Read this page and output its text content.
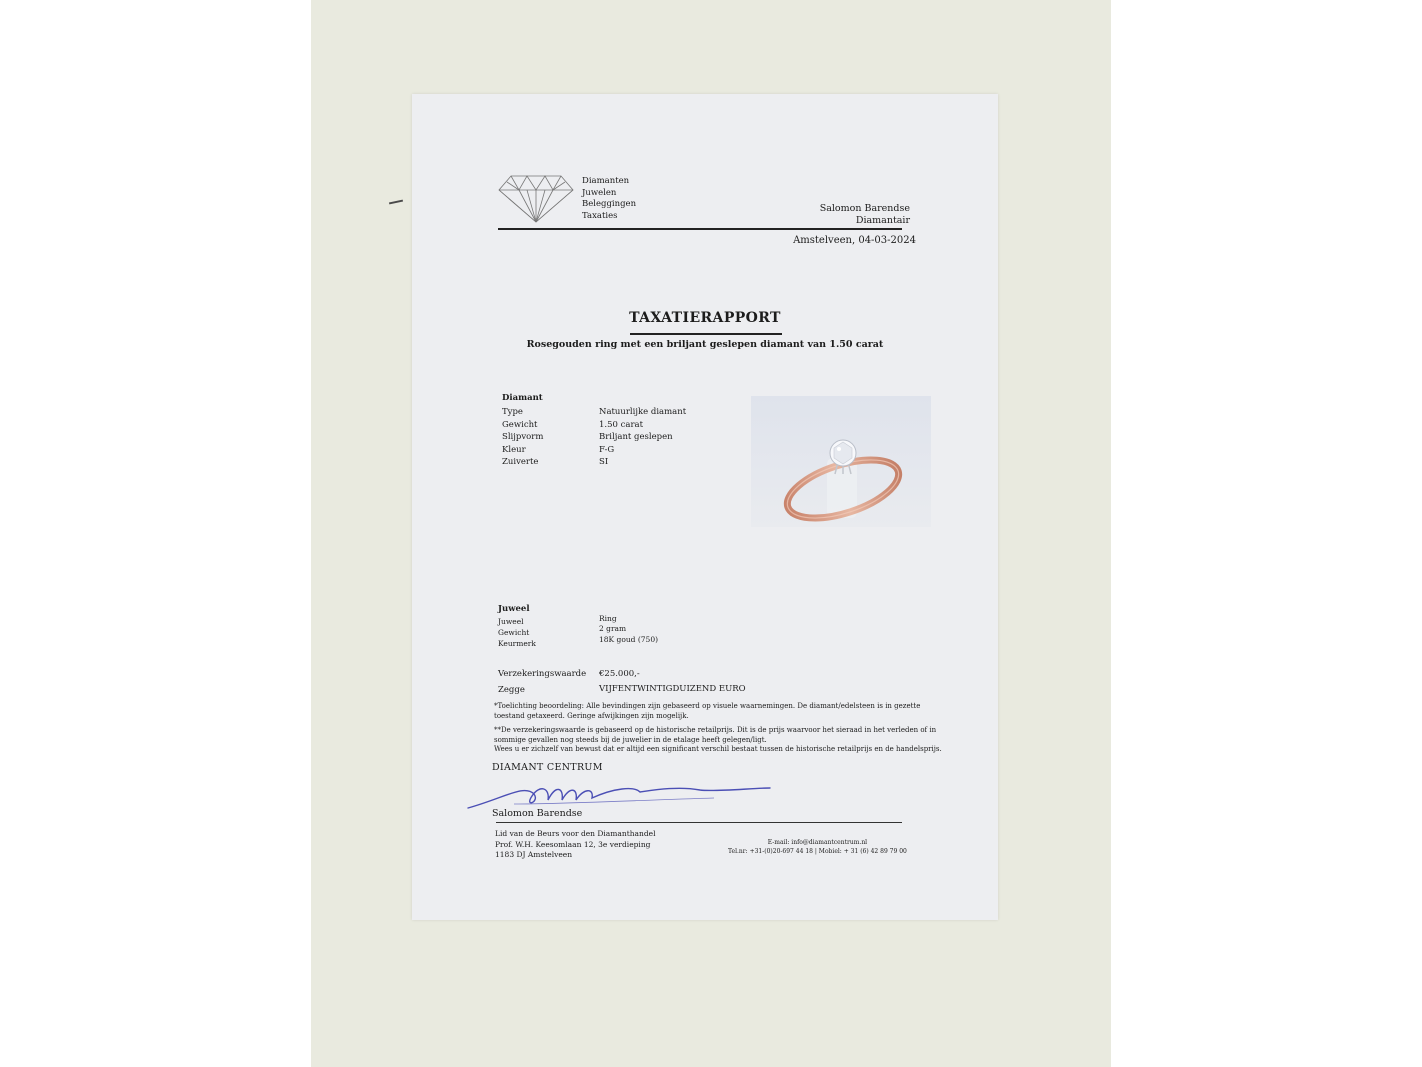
Diamanten
Juwelen
Beleggingen
Taxaties
Salomon Barendse
Diamantair
Amstelveen, 04-03-2024
TAXATIERAPPORT
Rosegouden ring met een briljant geslepen diamant van 1.50 carat
Diamant
Type	Natuurlijke diamant
Gewicht	1.50 carat
Slijpvorm	Briljant geslepen
Kleur	F-G
Zuiverte	SI
Juweel
Juweel	Ring
Gewicht	2 gram
Keurmerk	18K goud (750)
Verzekeringswaarde €25.000,-
Zegge	VIJFENTWINTIGDUIZEND EURO
*Toelichting beoordeling: Alle bevindingen zijn gebaseerd op visuele waarnemingen. De diamant/edelsteen is in gezette
toestand getaxeerd. Geringe afwijkingen zijn mogelijk.
**De verzekeringswaarde is gebaseerd op de historische retailprijs. Dit is de prijs waarvoor het sieraad in het verleden of in
sommige gevallen nog steeds bij de juwelier in de etalage heeft gelegen/ligt.
Wees u er zichzelf van bewust dat er altijd een significant verschil bestaat tussen de historische retailprijs en de handelsprijs.
DIAMANT CENTRUM
Salomon Barendse
Lid van de Beurs voor den Diamanthandel
Prof. W.H. Keesomlaan 12, 3e verdieping
1183 DJ Amstelveen
E-mail: info@diamantcentrum.nl
Tel.nr: +31-(0)20-697 44 18 | Mobiel: + 31 (6) 42 89 79 00
